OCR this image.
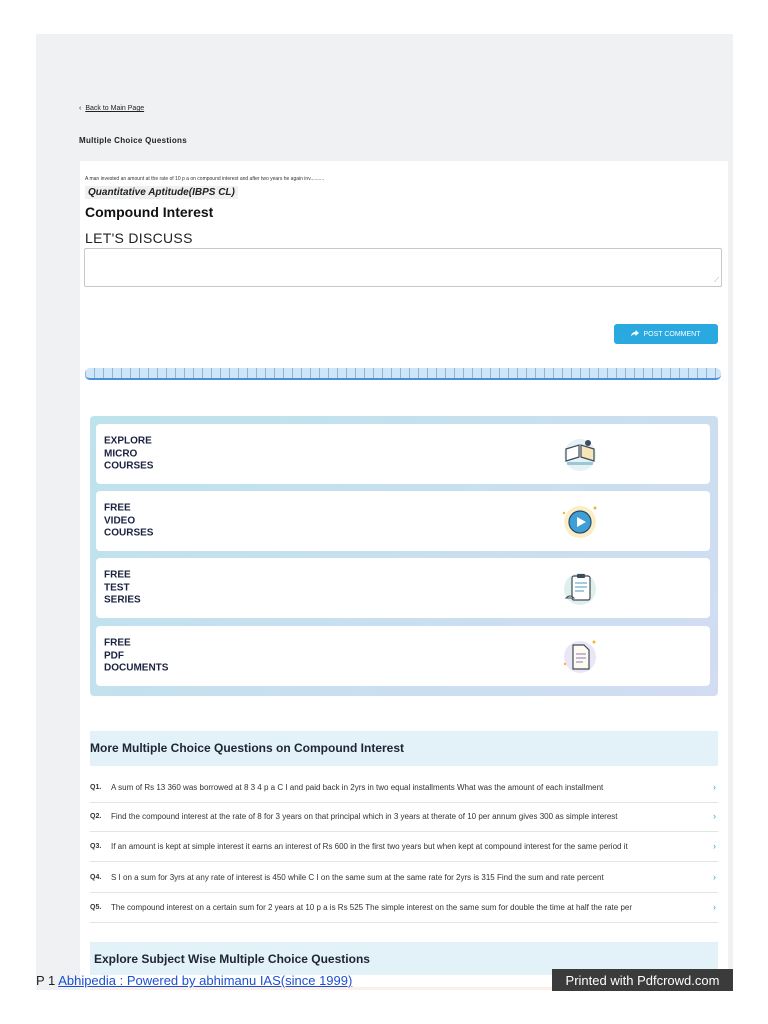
‹ Back to Main Page
Multiple Choice Questions
A man invested an amount at the rate of 10 p a on compound interest and after two years he again inv..........
Quantitative Aptitude(IBPS CL)
Compound Interest
LET'S DISCUSS
⟋
POST COMMENT
EXPLORE
MICRO
COURSES
FREE
VIDEO
COURSES
FREE
TEST
SERIES
FREE
PDF
DOCUMENTS
More Multiple Choice Questions on Compound Interest
Q1. A sum of Rs 13 360 was borrowed at 8 3 4 p a C I and paid back in 2yrs in two equal installments What was the amount of each installment	›
Q2. Find the compound interest at the rate of 8 for 3 years on that principal which in 3 years at therate of 10 per annum gives 300 as simple interest	›
Q3. If an amount is kept at simple interest it earns an interest of Rs 600 in the first two years but when kept at compound interest for the same period it	›
Q4. S I on a sum for 3yrs at any rate of interest is 450 while C I on the same sum at the same rate for 2yrs is 315 Find the sum and rate percent	›
Q5. The compound interest on a certain sum for 2 years at 10 p a is Rs 525 The simple interest on the same sum for double the time at half the rate per	›
Explore Subject Wise Multiple Choice Questions
P 1 Abhipedia : Powered by abhimanu IAS(since 1999)	Printed with Pdfcrowd.com
